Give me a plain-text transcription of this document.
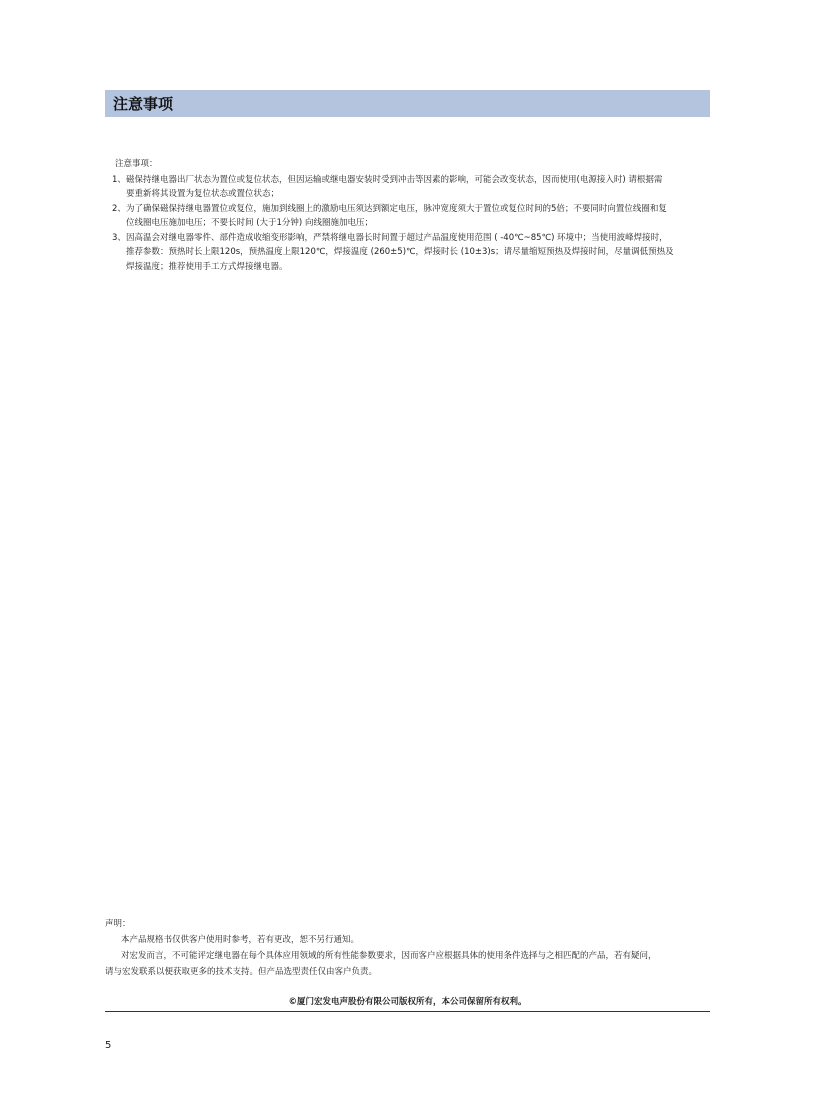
注意事项

注意事项：

1、 磁保持继电器出厂状态为置位或复位状态，但因运输或继电器安装时受到冲击等因素的影响，可能会改变状态，因而使用(电源接入时) 请根据需
要重新将其设置为复位状态或置位状态；
2、 为了确保磁保持继电器置位或复位，施加到线圈上的激励电压须达到额定电压，脉冲宽度须大于置位或复位时间的5倍；不要同时向置位线圈和复
位线圈电压施加电压；不要长时间 (大于1分钟) 向线圈施加电压；
3、 因高温会对继电器零件、部件造成收缩变形影响，严禁将继电器长时间置于超过产品温度使用范围 ( -40℃~85℃) 环境中；当使用波峰焊接时，
推荐参数：预热时长上限120s，预热温度上限120℃，焊接温度 (260±5)℃，焊接时长 (10±3)s；请尽量缩短预热及焊接时间，尽量调低预热及
焊接温度；推荐使用手工方式焊接继电器。

声明：

本产品规格书仅供客户使用时参考，若有更改，恕不另行通知。

对宏发而言，不可能评定继电器在每个具体应用领域的所有性能参数要求，因而客户应根据具体的使用条件选择与之相匹配的产品，若有疑问，

请与宏发联系以便获取更多的技术支持。但产品选型责任仅由客户负责。

©厦门宏发电声股份有限公司版权所有，本公司保留所有权利。

5
